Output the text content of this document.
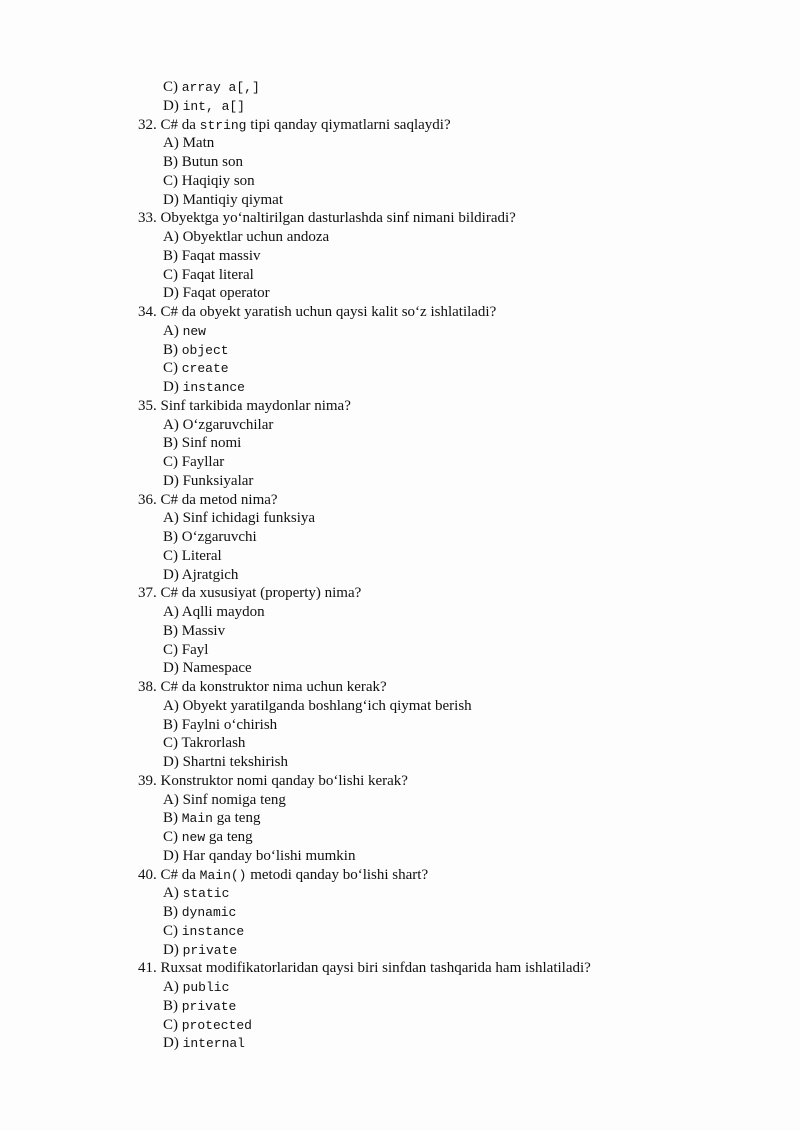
C) array a[,]
D) int, a[]
32. C# da string tipi qanday qiymatlarni saqlaydi?
A) Matn
B) Butun son
C) Haqiqiy son
D) Mantiqiy qiymat
33. Obyektga yo‘naltirilgan dasturlashda sinf nimani bildiradi?
A) Obyektlar uchun andoza
B) Faqat massiv
C) Faqat literal
D) Faqat operator
34. C# da obyekt yaratish uchun qaysi kalit so‘z ishlatiladi?
A) new
B) object
C) create
D) instance
35. Sinf tarkibida maydonlar nima?
A) O‘zgaruvchilar
B) Sinf nomi
C) Fayllar
D) Funksiyalar
36. C# da metod nima?
A) Sinf ichidagi funksiya
B) O‘zgaruvchi
C) Literal
D) Ajratgich
37. C# da xususiyat (property) nima?
A) Aqlli maydon
B) Massiv
C) Fayl
D) Namespace
38. C# da konstruktor nima uchun kerak?
A) Obyekt yaratilganda boshlang‘ich qiymat berish
B) Faylni o‘chirish
C) Takrorlash
D) Shartni tekshirish
39. Konstruktor nomi qanday bo‘lishi kerak?
A) Sinf nomiga teng
B) Main ga teng
C) new ga teng
D) Har qanday bo‘lishi mumkin
40. C# da Main() metodi qanday bo‘lishi shart?
A) static
B) dynamic
C) instance
D) private
41. Ruxsat modifikatorlaridan qaysi biri sinfdan tashqarida ham ishlatiladi?
A) public
B) private
C) protected
D) internal
